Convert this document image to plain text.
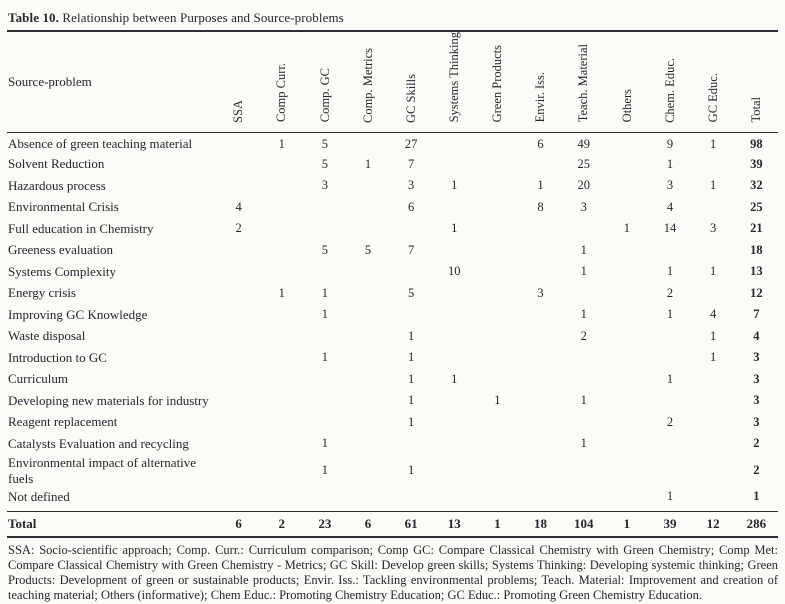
Table 10. Relationship between Purposes and Source-problems
Source-problem	SSA	Comp Curr.	Comp. GC	Comp. Metrics	GC Skills	Systems Thinking	Green Products	Envir. Iss.	Teach. Material	Others	Chem. Educ.	GC Educ.	Total
Absence of green teaching material		1	5		27			6	49		9	1	98
Solvent Reduction			5	1	7				25		1		39
Hazardous process			3		3	1		1	20		3	1	32
Environmental Crisis	4				6			8	3		4		25
Full education in Chemistry	2					1				1	14	3	21
Greeness evaluation			5	5	7				1				18
Systems Complexity						10			1		1	1	13
Energy crisis		1	1		5			3			2		12
Improving GC Knowledge			1						1		1	4	7
Waste disposal					1				2			1	4
Introduction to GC			1		1							1	3
Curriculum					1	1					1		3
Developing new materials for industry					1		1		1				3
Reagent replacement					1						2		3
Catalysts Evaluation and recycling			1						1				2
Environmental impact of alternative fuels			1		1								2
Not defined											1		1
Total	6	2	23	6	61	13	1	18	104	1	39	12	286
SSA: Socio-scientific approach; Comp. Curr.: Curriculum comparison; Comp GC: Compare Classical Chemistry with Green Chemistry; Comp Met: Compare Classical Chemistry with Green Chemistry - Metrics; GC Skill: Develop green skills; Systems Thinking: Developing systemic thinking; Green Products: Development of green or sustainable products; Envir. Iss.: Tackling environmental problems; Teach. Material: Improvement and creation of teaching material; Others (informative); Chem Educ.: Promoting Chemistry Education; GC Educ.: Promoting Green Chemistry Education.
